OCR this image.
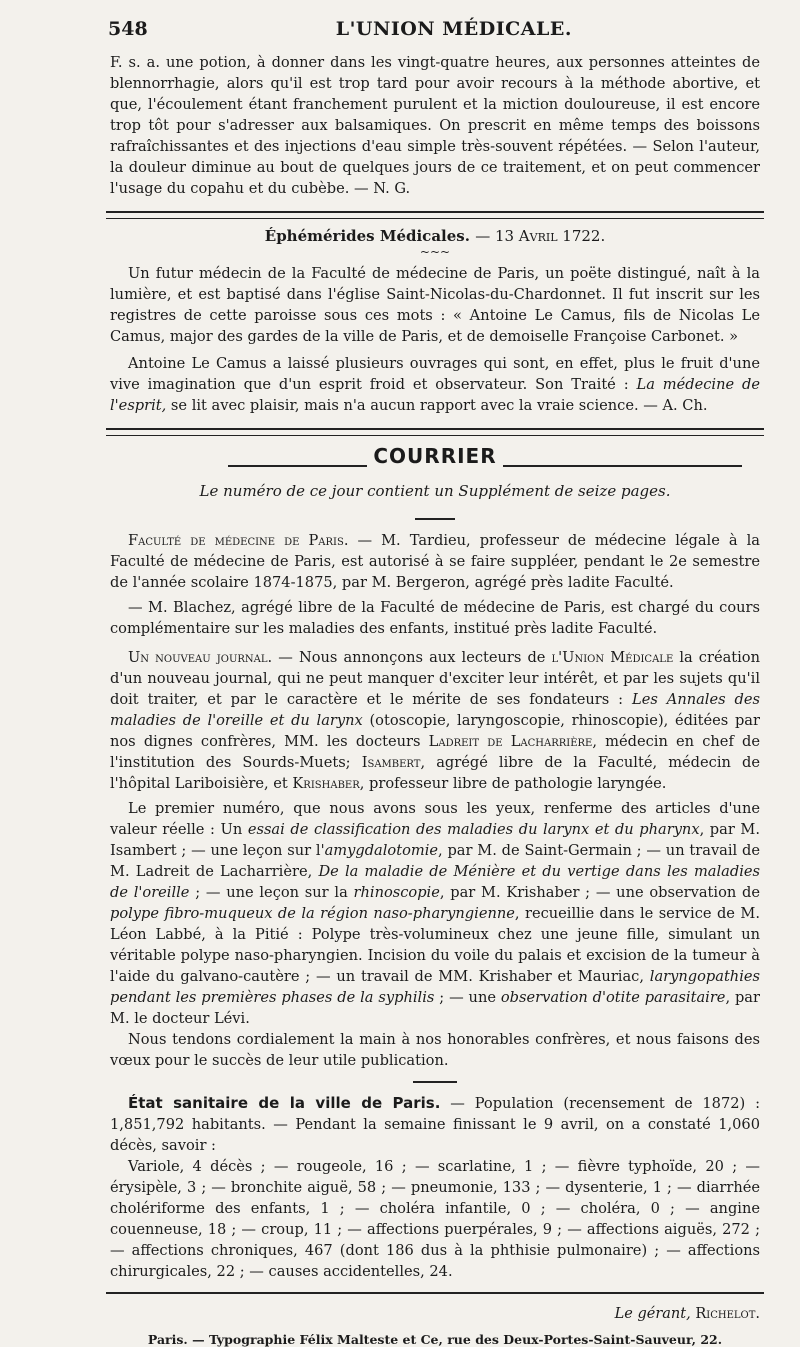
548	L'UNION MÉDICALE.

F. s. a. une potion, à donner dans les vingt-quatre heures, aux personnes atteintes de blennorrhagie, alors qu'il est trop tard pour avoir recours à la méthode abortive, et que, l'écoulement étant franchement purulent et la miction douloureuse, il est encore trop tôt pour s'adresser aux balsamiques. On prescrit en même temps des boissons rafraîchissantes et des injections d'eau simple très-souvent répétées. — Selon l'auteur, la douleur diminue au bout de quelques jours de ce traitement, et on peut commencer l'usage du copahu et du cubèbe. — N. G.

Éphémérides Médicales. — 13 Avril 1722.
~~~

Un futur médecin de la Faculté de médecine de Paris, un poëte distingué, naît à la lumière, et est baptisé dans l'église Saint-Nicolas-du-Chardonnet. Il fut inscrit sur les registres de cette paroisse sous ces mots : « Antoine Le Camus, fils de Nicolas Le Camus, major des gardes de la ville de Paris, et de demoiselle Françoise Carbonet. »

Antoine Le Camus a laissé plusieurs ouvrages qui sont, en effet, plus le fruit d'une vive imagination que d'un esprit froid et observateur. Son Traité : La médecine de l'esprit, se lit avec plaisir, mais n'a aucun rapport avec la vraie science. — A. Ch.

COURRIER
Le numéro de ce jour contient un Supplément de seize pages.

Faculté de médecine de Paris. — M. Tardieu, professeur de médecine légale à la Faculté de médecine de Paris, est autorisé à se faire suppléer, pendant le 2e semestre de l'année scolaire 1874-1875, par M. Bergeron, agrégé près ladite Faculté.

— M. Blachez, agrégé libre de la Faculté de médecine de Paris, est chargé du cours complémentaire sur les maladies des enfants, institué près ladite Faculté.

Un nouveau journal. — Nous annonçons aux lecteurs de l'Union Médicale la création d'un nouveau journal, qui ne peut manquer d'exciter leur intérêt, et par les sujets qu'il doit traiter, et par le caractère et le mérite de ses fondateurs : Les Annales des maladies de l'oreille et du larynx (otoscopie, laryngoscopie, rhinoscopie), éditées par nos dignes confrères, MM. les docteurs Ladreit de Lacharrière, médecin en chef de l'institution des Sourds-Muets; Isambert, agrégé libre de la Faculté, médecin de l'hôpital Lariboisière, et Krishaber, professeur libre de pathologie laryngée.

Le premier numéro, que nous avons sous les yeux, renferme des articles d'une valeur réelle : Un essai de classification des maladies du larynx et du pharynx, par M. Isambert ; — une leçon sur l'amygdalotomie, par M. de Saint-Germain ; — un travail de M. Ladreit de Lacharrière, De la maladie de Ménière et du vertige dans les maladies de l'oreille ; — une leçon sur la rhinoscopie, par M. Krishaber ; — une observation de polype fibro-muqueux de la région naso-pharyngienne, recueillie dans le service de M. Léon Labbé, à la Pitié : Polype très-volumineux chez une jeune fille, simulant un véritable polype naso-pharyngien. Incision du voile du palais et excision de la tumeur à l'aide du galvano-cautère ; — un travail de MM. Krishaber et Mauriac, laryngopathies pendant les premières phases de la syphilis ; — une observation d'otite parasitaire, par M. le docteur Lévi.

Nous tendons cordialement la main à nos honorables confrères, et nous faisons des vœux pour le succès de leur utile publication.

État sanitaire de la ville de Paris. — Population (recensement de 1872) : 1,851,792 habitants. — Pendant la semaine finissant le 9 avril, on a constaté 1,060 décès, savoir :

Variole, 4 décès ; — rougeole, 16 ; — scarlatine, 1 ; — fièvre typhoïde, 20 ; — érysipèle, 3 ; — bronchite aiguë, 58 ; — pneumonie, 133 ; — dysenterie, 1 ; — diarrhée cholériforme des enfants, 1 ; — choléra infantile, 0 ; — choléra, 0 ; — angine couenneuse, 18 ; — croup, 11 ; — affections puerpérales, 9 ; — affections aiguës, 272 ; — affections chroniques, 467 (dont 186 dus à la phthisie pulmonaire) ; — affections chirurgicales, 22 ; — causes accidentelles, 24.

Le gérant, Richelot.
Paris. — Typographie Félix Malteste et Ce, rue des Deux-Portes-Saint-Sauveur, 22.
